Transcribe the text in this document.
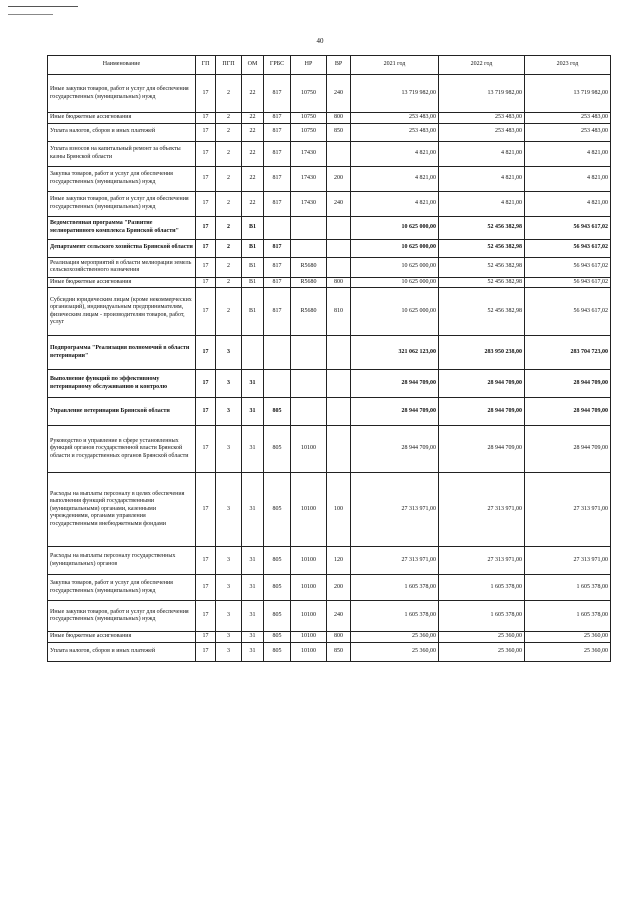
40
Наименование	ГП	ПГП	ОМ	ГРБС	НР	ВР	2021 год	2022 год	2023 год
Иные закупки товаров, работ и услуг для обеспечения государственных (муниципальных) нужд	17	2	22	817	10750	240	13 719 982,00	13 719 982,00	13 719 982,00
Иные бюджетные ассигнования	17	2	22	817	10750	800	253 483,00	253 483,00	253 483,00
Уплата налогов, сборов и иных платежей	17	2	22	817	10750	850	253 483,00	253 483,00	253 483,00
Уплата взносов на капитальный ремонт за объекты казны Брянской области	17	2	22	817	17430		4 821,00	4 821,00	4 821,00
Закупка товаров, работ и услуг для обеспечения государственных (муниципальных) нужд	17	2	22	817	17430	200	4 821,00	4 821,00	4 821,00
Иные закупки товаров, работ и услуг для обеспечения государственных (муниципальных) нужд	17	2	22	817	17430	240	4 821,00	4 821,00	4 821,00
Ведомственная программа "Развитие мелиоративного комплекса Брянской области"	17	2	В1				10 625 000,00	52 456 382,98	56 943 617,02
Департамент сельского хозяйства Брянской области	17	2	В1	817			10 625 000,00	52 456 382,98	56 943 617,02
Реализация мероприятий в области мелиорации земель сельскохозяйственного назначения	17	2	В1	817	R5680		10 625 000,00	52 456 382,98	56 943 617,02
Иные бюджетные ассигнования	17	2	В1	817	R5680	800	10 625 000,00	52 456 382,98	56 943 617,02
Субсидии юридическим лицам (кроме некоммерческих организаций), индивидуальным предпринимателям, физическим лицам - производителям товаров, работ, услуг	17	2	В1	817	R5680	810	10 625 000,00	52 456 382,98	56 943 617,02
Подпрограмма "Реализация полномочий в области ветеринарии"	17	3					321 062 123,00	283 950 238,00	283 704 723,00
Выполнение функций по эффективному ветеринарному обслуживанию и контролю	17	3	31				28 944 709,00	28 944 709,00	28 944 709,00
Управление ветеринарии Брянской области	17	3	31	805			28 944 709,00	28 944 709,00	28 944 709,00
Руководство и управление в сфере установленных функций органов государственной власти Брянской области и государственных органов Брянской области	17	3	31	805	10100		28 944 709,00	28 944 709,00	28 944 709,00
Расходы на выплаты персоналу в целях обеспечения выполнения функций государственными (муниципальными) органами, казенными учреждениями, органами управления государственными внебюджетными фондами	17	3	31	805	10100	100	27 313 971,00	27 313 971,00	27 313 971,00
Расходы на выплаты персоналу государственных (муниципальных) органов	17	3	31	805	10100	120	27 313 971,00	27 313 971,00	27 313 971,00
Закупка товаров, работ и услуг для обеспечения государственных (муниципальных) нужд	17	3	31	805	10100	200	1 605 378,00	1 605 378,00	1 605 378,00
Иные закупки товаров, работ и услуг для обеспечения государственных (муниципальных) нужд	17	3	31	805	10100	240	1 605 378,00	1 605 378,00	1 605 378,00
Иные бюджетные ассигнования	17	3	31	805	10100	800	25 360,00	25 360,00	25 360,00
Уплата налогов, сборов и иных платежей	17	3	31	805	10100	850	25 360,00	25 360,00	25 360,00
